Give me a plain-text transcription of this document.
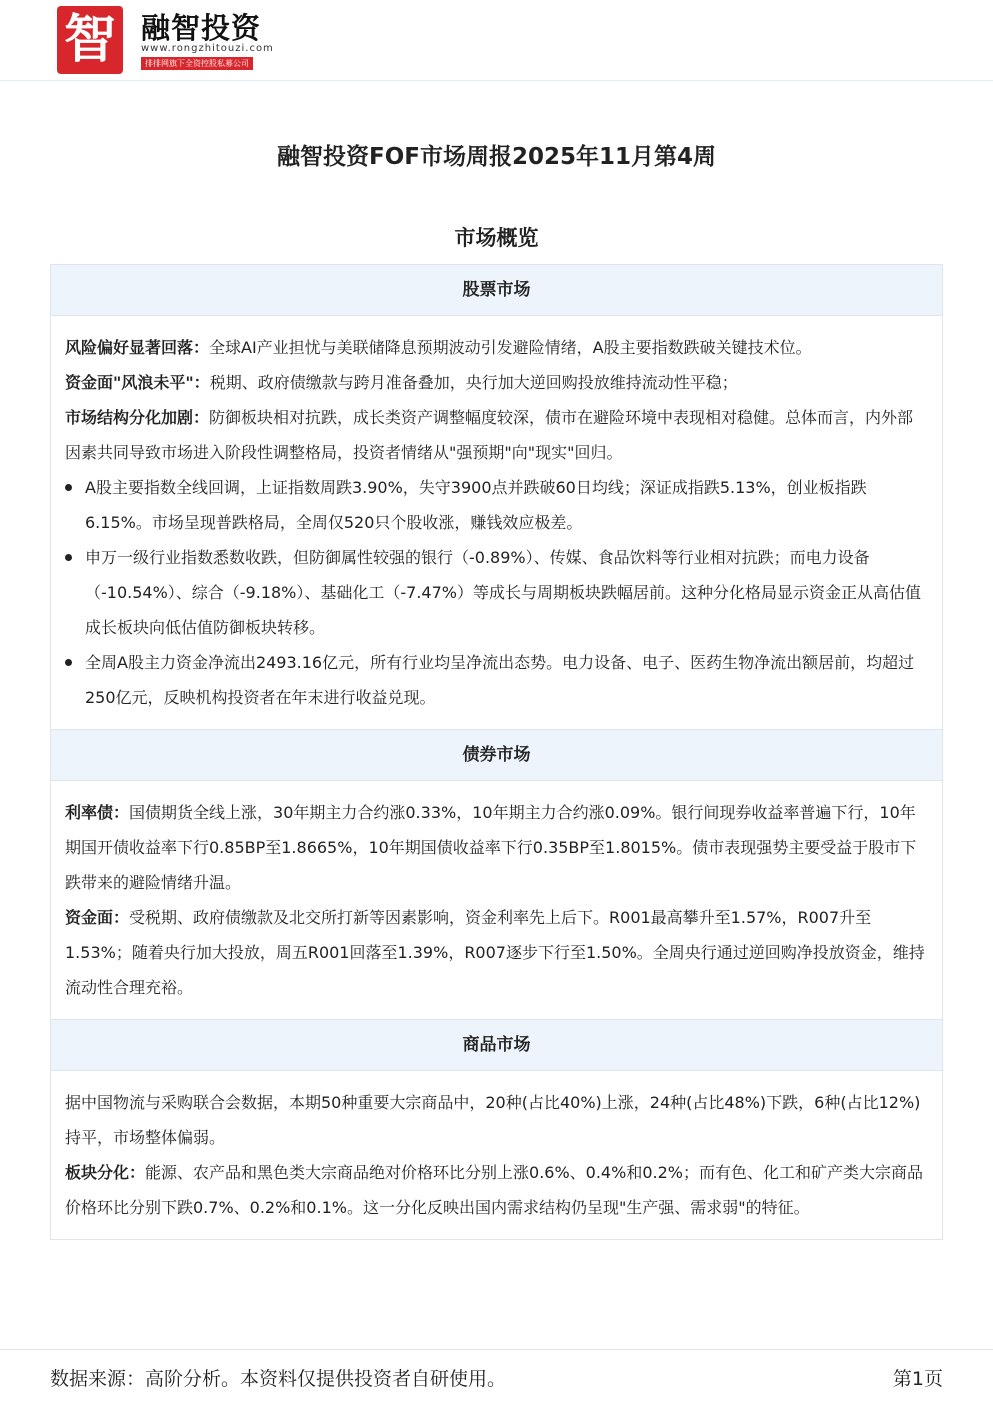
智 融智投资
www.rongzhitouzi.com
排排网旗下全资控股私募公司
融智投资FOF市场周报2025年11月第4周
市场概览
股票市场

风险偏好显著回落：全球AI产业担忧与美联储降息预期波动引发避险情绪，A股主要指数跌破关键技术位。

资金面"风浪未平"：税期、政府债缴款与跨月准备叠加，央行加大逆回购投放维持流动性平稳；

市场结构分化加剧：防御板块相对抗跌，成长类资产调整幅度较深，债市在避险环境中表现相对稳健。总体而言，内外部因素共同导致市场进入阶段性调整格局，投资者情绪从"强预期"向"现实"回归。

A股主要指数全线回调，上证指数周跌3.90%，失守3900点并跌破60日均线；深证成指跌5.13%，创业板指跌6.15%。市场呈现普跌格局，全周仅520只个股收涨，赚钱效应极差。
申万一级行业指数悉数收跌，但防御属性较强的银行（-0.89%）、传媒、食品饮料等行业相对抗跌；而电力设备（-10.54%）、综合（-9.18%）、基础化工（-7.47%）等成长与周期板块跌幅居前。这种分化格局显示资金正从高估值成长板块向低估值防御板块转移。
全周A股主力资金净流出2493.16亿元，所有行业均呈净流出态势。电力设备、电子、医药生物净流出额居前，均超过250亿元，反映机构投资者在年末进行收益兑现。
债券市场

利率债：国债期货全线上涨，30年期主力合约涨0.33%，10年期主力合约涨0.09%。银行间现券收益率普遍下行，10年期国开债收益率下行0.85BP至1.8665%，10年期国债收益率下行0.35BP至1.8015%。债市表现强势主要受益于股市下跌带来的避险情绪升温。

资金面：受税期、政府债缴款及北交所打新等因素影响，资金利率先上后下。R001最高攀升至1.57%，R007升至1.53%；随着央行加大投放，周五R001回落至1.39%，R007逐步下行至1.50%。全周央行通过逆回购净投放资金，维持流动性合理充裕。

商品市场

据中国物流与采购联合会数据，本期50种重要大宗商品中，20种(占比40%)上涨，24种(占比48%)下跌，6种(占比12%)持平，市场整体偏弱。

板块分化：能源、农产品和黑色类大宗商品绝对价格环比分别上涨0.6%、0.4%和0.2%；而有色、化工和矿产类大宗商品价格环比分别下跌0.7%、0.2%和0.1%。这一分化反映出国内需求结构仍呈现"生产强、需求弱"的特征。

数据来源：高阶分析。本资料仅提供投资者自研使用。	第1页
